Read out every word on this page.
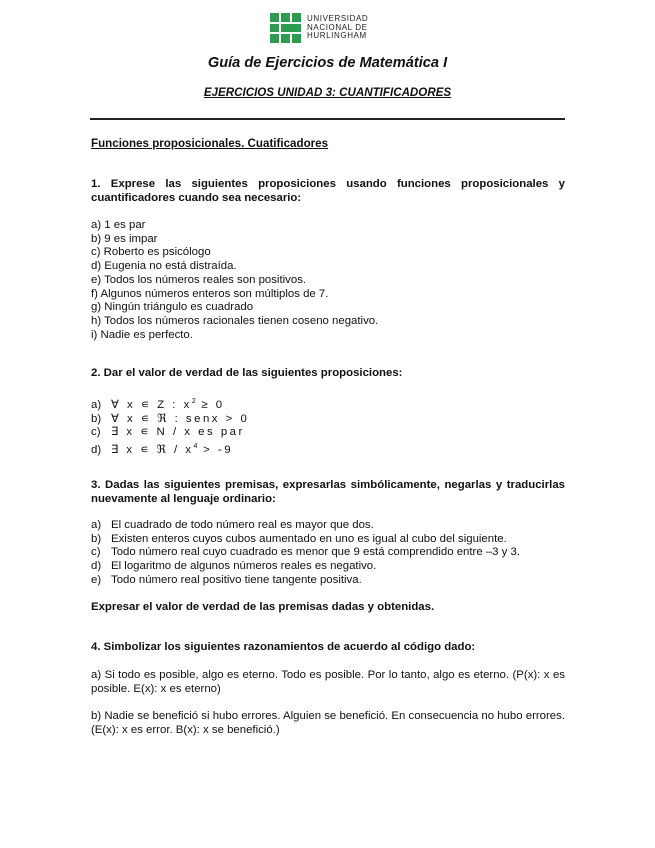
UNIVERSIDAD
NACIONAL DE
HURLINGHAM
Guía de Ejercicios de Matemática I
EJERCICIOS UNIDAD 3: CUANTIFICADORES
Funciones proposicionales. Cuatificadores
1. Exprese las siguientes proposiciones usando funciones proposicionales y cuantificadores cuando sea necesario:
a) 1 es par
b) 9 es impar
c) Roberto es psicólogo
d) Eugenia no está distraída.
e) Todos los números reales son positivos.
f) Algunos números enteros son múltiplos de 7.
g) Ningún triángulo es cuadrado
h) Todos los números racionales tienen coseno negativo.
i) Nadie es perfecto.
2. Dar el valor de verdad de las siguientes proposiciones:
a) ∀ x ∊ Z : $x^2 \ge 0$
b) ∀ x ∊ ℜ : senx > 0
c) ∃ x ∊ N / x es par
d) ∃ x ∊ ℜ / $x^4 > -9$
3. Dadas las siguientes premisas, expresarlas simbólicamente, negarlas y traducirlas nuevamente al lenguaje ordinario:
a) El cuadrado de todo número real es mayor que dos.
b) Existen enteros cuyos cubos aumentado en uno es igual al cubo del siguiente.
c) Todo número real cuyo cuadrado es menor que 9 está comprendido entre –3 y 3.
d) El logaritmo de algunos números reales es negativo.
e) Todo número real positivo tiene tangente positiva.
Expresar el valor de verdad de las premisas dadas y obtenidas.
4. Simbolizar los siguientes razonamientos de acuerdo al código dado:
a) Si todo es posible, algo es eterno. Todo es posible. Por lo tanto, algo es eterno. (P(x): x es posible. E(x): x es eterno)
b) Nadie se benefició si hubo errores. Alguien se benefició. En consecuencia no hubo errores. (E(x): x es error. B(x): x se benefició.)
